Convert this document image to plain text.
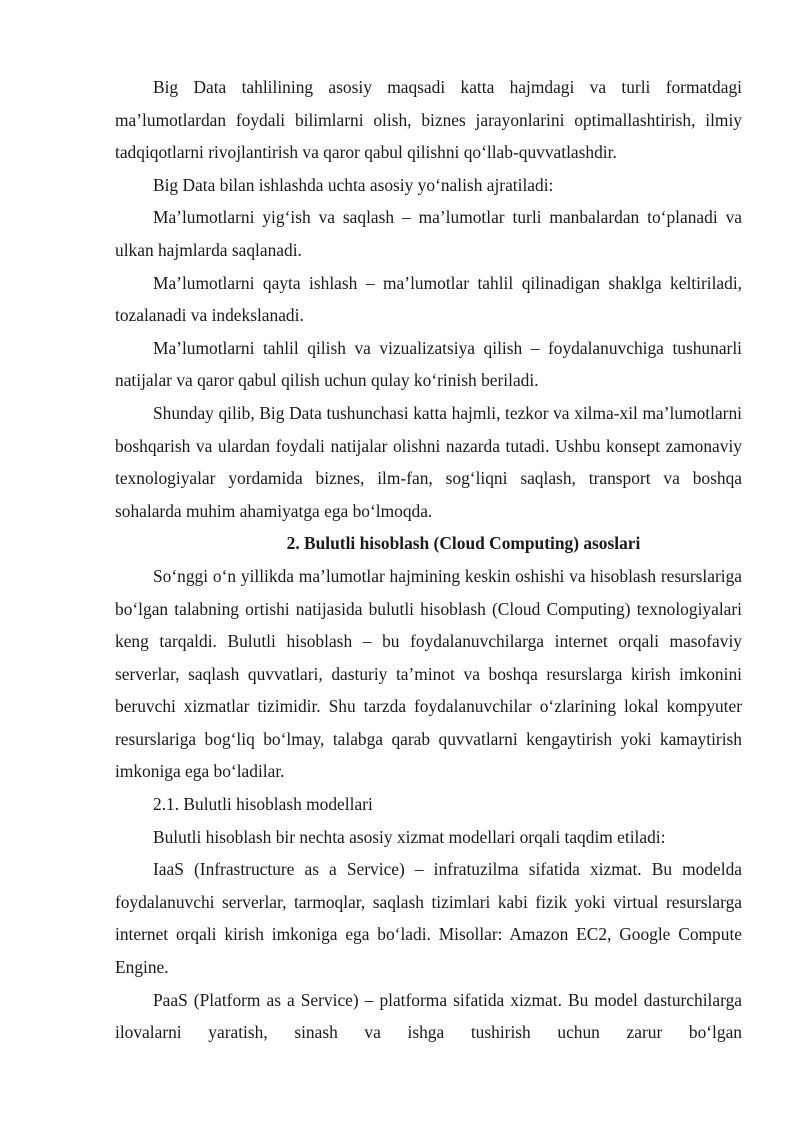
Big Data tahlilining asosiy maqsadi katta hajmdagi va turli formatdagi ma’lumotlardan foydali bilimlarni olish, biznes jarayonlarini optimallashtirish, ilmiy tadqiqotlarni rivojlantirish va qaror qabul qilishni qo‘llab-quvvatlashdir.

Big Data bilan ishlashda uchta asosiy yo‘nalish ajratiladi:

Ma’lumotlarni yig‘ish va saqlash – ma’lumotlar turli manbalardan to‘planadi va ulkan hajmlarda saqlanadi.

Ma’lumotlarni qayta ishlash – ma’lumotlar tahlil qilinadigan shaklga keltiriladi, tozalanadi va indekslanadi.

Ma’lumotlarni tahlil qilish va vizualizatsiya qilish – foydalanuvchiga tushunarli natijalar va qaror qabul qilish uchun qulay ko‘rinish beriladi.

Shunday qilib, Big Data tushunchasi katta hajmli, tezkor va xilma-xil ma’lumotlarni boshqarish va ulardan foydali natijalar olishni nazarda tutadi. Ushbu konsept zamonaviy texnologiyalar yordamida biznes, ilm-fan, sog‘liqni saqlash, transport va boshqa sohalarda muhim ahamiyatga ega bo‘lmoqda.

2. Bulutli hisoblash (Cloud Computing) asoslari

So‘nggi o‘n yillikda ma’lumotlar hajmining keskin oshishi va hisoblash resurslariga bo‘lgan talabning ortishi natijasida bulutli hisoblash (Cloud Computing) texnologiyalari keng tarqaldi. Bulutli hisoblash – bu foydalanuvchilarga internet orqali masofaviy serverlar, saqlash quvvatlari, dasturiy ta’minot va boshqa resurslarga kirish imkonini beruvchi xizmatlar tizimidir. Shu tarzda foydalanuvchilar o‘zlarining lokal kompyuter resurslariga bog‘liq bo‘lmay, talabga qarab quvvatlarni kengaytirish yoki kamaytirish imkoniga ega bo‘ladilar.

2.1. Bulutli hisoblash modellari

Bulutli hisoblash bir nechta asosiy xizmat modellari orqali taqdim etiladi:

IaaS (Infrastructure as a Service) – infratuzilma sifatida xizmat. Bu modelda foydalanuvchi serverlar, tarmoqlar, saqlash tizimlari kabi fizik yoki virtual resurslarga internet orqali kirish imkoniga ega bo‘ladi. Misollar: Amazon EC2, Google Compute Engine.

PaaS (Platform as a Service) – platforma sifatida xizmat. Bu model dasturchilarga ilovalarni yaratish, sinash va ishga tushirish uchun zarur bo‘lgan
